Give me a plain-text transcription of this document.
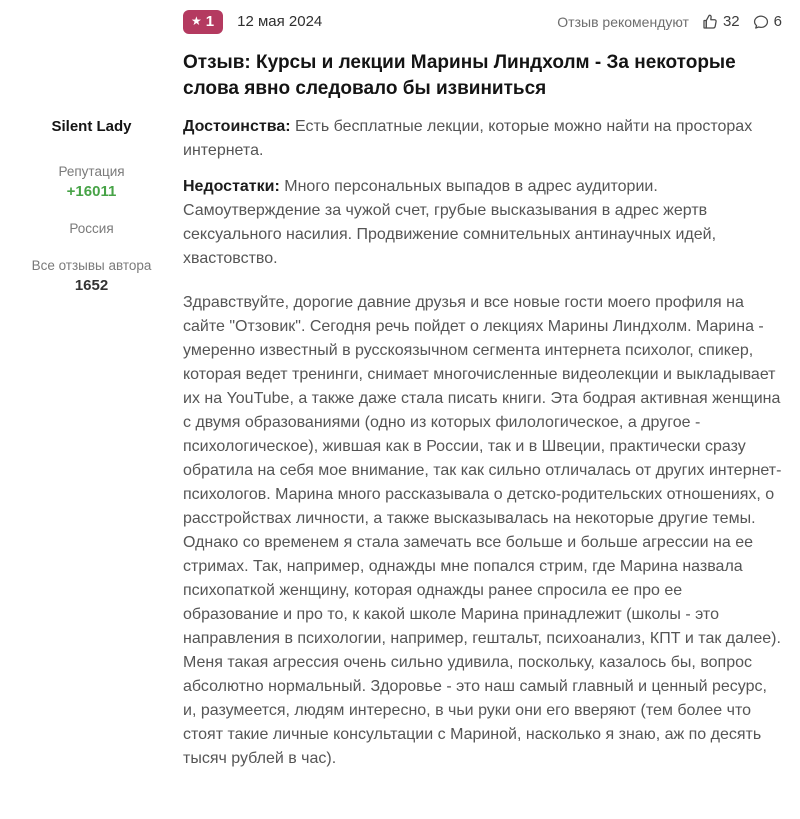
Silent Lady
Репутация
+16011
Россия
Все отзывы автора
1652
★ 1 12 мая 2024	Отзыв рекомендуют 32 6
Отзыв: Курсы и лекции Марины Линдхолм - За некоторые слова явно следовало бы извиниться

Достоинства: Есть бесплатные лекции, которые можно найти на просторах интернета.

Недостатки: Много персональных выпадов в адрес аудитории. Самоутверждение за чужой счет, грубые высказывания в адрес жертв сексуального насилия. Продвижение сомнительных антинаучных идей, хвастовство.

Здравствуйте, дорогие давние друзья и все новые гости моего профиля на сайте "Отзовик". Сегодня речь пойдет о лекциях Марины Линдхолм. Марина - умеренно известный в русскоязычном сегмента интернета психолог, спикер, которая ведет тренинги, снимает многочисленные видеолекции и выкладывает их на YouTube, а также даже стала писать книги. Эта бодрая активная женщина с двумя образованиями (одно из которых филологическое, а другое - психологическое), жившая как в России, так и в Швеции, практически сразу обратила на себя мое внимание, так как сильно отличалась от других интернет-психологов. Марина много рассказывала о детско-родительских отношениях, о расстройствах личности, а также высказывалась на некоторые другие темы.

Однако со временем я стала замечать все больше и больше агрессии на ее стримах. Так, например, однажды мне попался стрим, где Марина назвала психопаткой женщину, которая однажды ранее спросила ее про ее образование и про то, к какой школе Марина принадлежит (школы - это направления в психологии, например, гештальт, психоанализ, КПТ и так далее). Меня такая агрессия очень сильно удивила, поскольку, казалось бы, вопрос абсолютно нормальный. Здоровье - это наш самый главный и ценный ресурс, и, разумеется, людям интересно, в чьи руки они его вверяют (тем более что стоят такие личные консультации с Мариной, насколько я знаю, аж по десять тысяч рублей в час).
